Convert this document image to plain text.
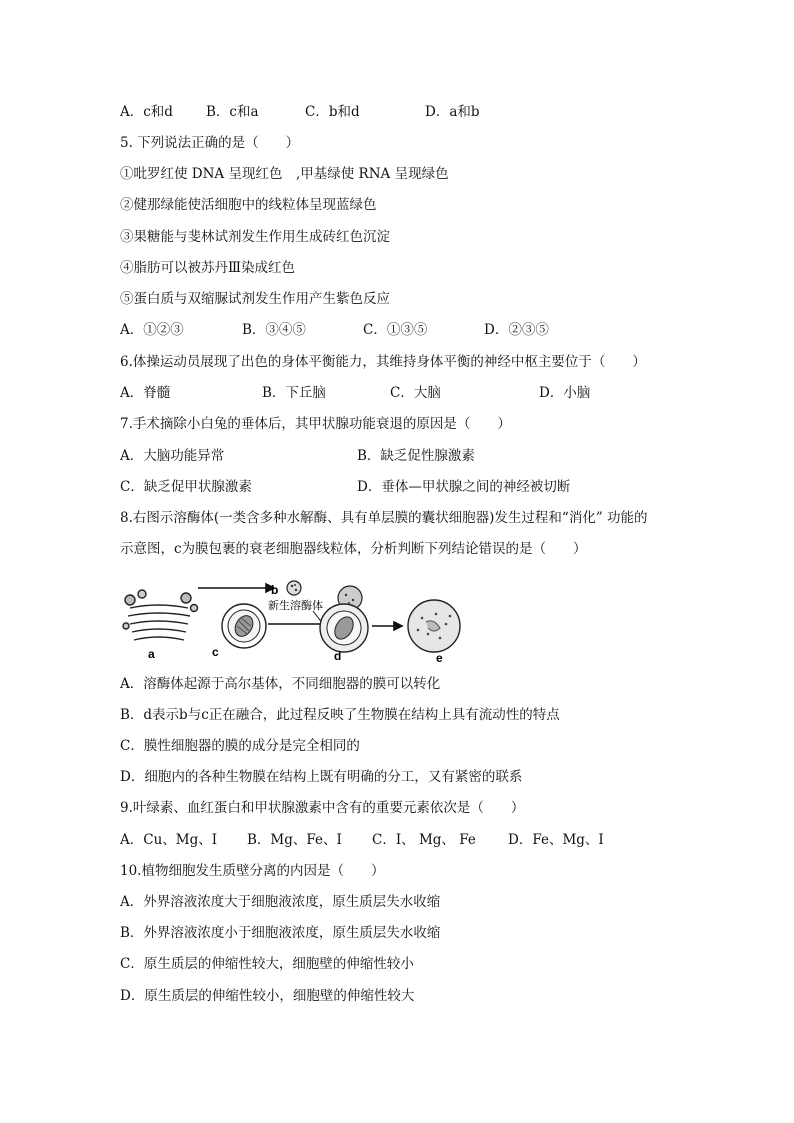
A．c和d B．c和a	C．b和d	D．a和b
5. 下列说法正确的是（　　）
①吡罗红使 DNA 呈现红色　,甲基绿使 RNA 呈现绿色
②健那绿能使活细胞中的线粒体呈现蓝绿色
③果糖能与斐林试剂发生作用生成砖红色沉淀
④脂肪可以被苏丹Ⅲ染成红色
⑤蛋白质与双缩脲试剂发生作用产生紫色反应
A．①②③	B．③④⑤	C．①③⑤	D．②③⑤
6.体操运动员展现了出色的身体平衡能力，其维持身体平衡的神经中枢主要位于（　　）
A．脊髓	B．下丘脑	C．大脑	D．小脑
7.手术摘除小白兔的垂体后，其甲状腺功能衰退的原因是（　　）
A．大脑功能异常	B．缺乏促性腺激素
C．缺乏促甲状腺激素	D．垂体—甲状腺之间的神经被切断
8.右图示溶酶体(一类含多种水解酶、具有单层膜的囊状细胞器)发生过程和“消化” 功能的
示意图，c为膜包裹的衰老细胞器线粒体，分析判断下列结论错误的是（　　）
a
b
新生溶酶体
c	d	e
A．溶酶体起源于高尔基体，不同细胞器的膜可以转化
B．d表示b与c正在融合，此过程反映了生物膜在结构上具有流动性的特点
C．膜性细胞器的膜的成分是完全相同的
D．细胞内的各种生物膜在结构上既有明确的分工，又有紧密的联系
9.叶绿素、血红蛋白和甲状腺激素中含有的重要元素依次是（　　）
A．Cu、Mg、I B．Mg、Fe、I C．I、 Mg、 Fe D．Fe、Mg、I
10.植物细胞发生质壁分离的内因是（　　）
A．外界溶液浓度大于细胞液浓度，原生质层失水收缩
B．外界溶液浓度小于细胞液浓度，原生质层失水收缩
C．原生质层的伸缩性较大，细胞壁的伸缩性较小
D．原生质层的伸缩性较小，细胞壁的伸缩性较大
